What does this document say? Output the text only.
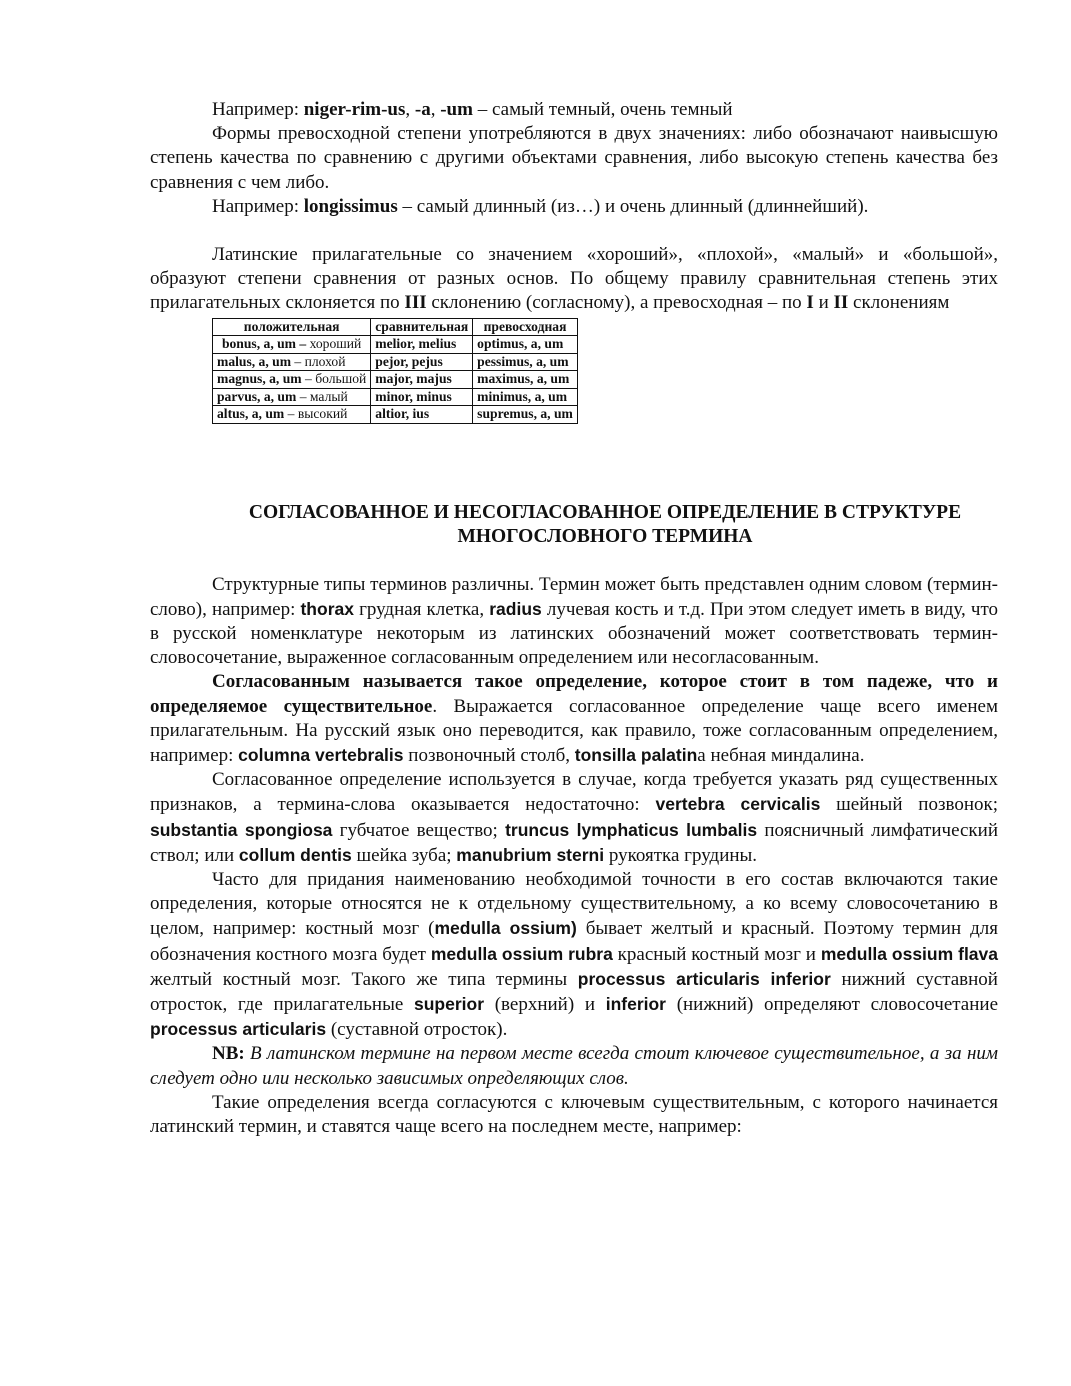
Например: niger-rim-us, -a, -um – самый темный, очень темный

Формы превосходной степени употребляются в двух значениях: либо обозначают наивысшую степень качества по сравнению с другими объектами сравнения, либо высокую степень качества без сравнения с чем либо.

Например: longissimus – самый длинный (из…) и очень длинный (длиннейший).

Латинские прилагательные со значением «хороший», «плохой», «малый» и «большой», образуют степени сравнения от разных основ. По общему правилу сравнительная степень этих прилагательных склоняется по III склонению (согласному), а превосходная – по I и II склонениям

положительная	сравнительная	превосходная
bonus, a, um – хороший	melior, melius	optimus, a, um
malus, a, um – плохой	pejor, pejus	pessimus, a, um
magnus, a, um – большой	major, majus	maximus, a, um
parvus, a, um – малый	minor, minus	minimus, a, um
altus, a, um – высокий	altior, ius	supremus, a, um
СОГЛАСОВАННОЕ И НЕСОГЛАСОВАННОЕ ОПРЕДЕЛЕНИЕ В СТРУКТУРЕ
МНОГОСЛОВНОГО ТЕРМИНА

Структурные типы терминов различны. Термин может быть представлен одним словом (термин-слово), например: thorax грудная клетка, radius лучевая кость и т.д. При этом следует иметь в виду, что в русской номенклатуре некоторым из латинских обозначений может соответствовать термин-словосочетание, выраженное согласованным определением или несогласованным.

Согласованным называется такое определение, которое стоит в том падеже, что и определяемое существительное. Выражается согласованное определение чаще всего именем прилагательным. На русский язык оно переводится, как правило, тоже согласованным определением, например: columna vertebralis позвоночный столб, tonsilla palatinа небная миндалина.

Согласованное определение используется в случае, когда требуется указать ряд существенных признаков, а термина-слова оказывается недостаточно: vertebra cervicalis шейный позвонок; substantia spongiosa губчатое вещество; truncus lymphaticus lumbalis поясничный лимфатический ствол; или collum dentis шейка зуба; manubrium sterni рукоятка грудины.

Часто для придания наименованию необходимой точности в его состав включаются такие определения, которые относятся не к отдельному существительному, а ко всему словосочетанию в целом, например: костный мозг (medulla ossium) бывает желтый и красный. Поэтому термин для обозначения костного мозга будет medulla ossium rubra красный костный мозг и medulla ossium flava желтый костный мозг. Такого же типа термины processus articularis inferior нижний суставной отросток, где прилагательные superior (верхний) и inferior (нижний) определяют словосочетание processus articularis (суставной отросток).

NB: В латинском термине на первом месте всегда стоит ключевое существительное, а за ним следует одно или несколько зависимых определяющих слов.

Такие определения всегда согласуются с ключевым существительным, с которого начинается латинский термин, и ставятся чаще всего на последнем месте, например:
